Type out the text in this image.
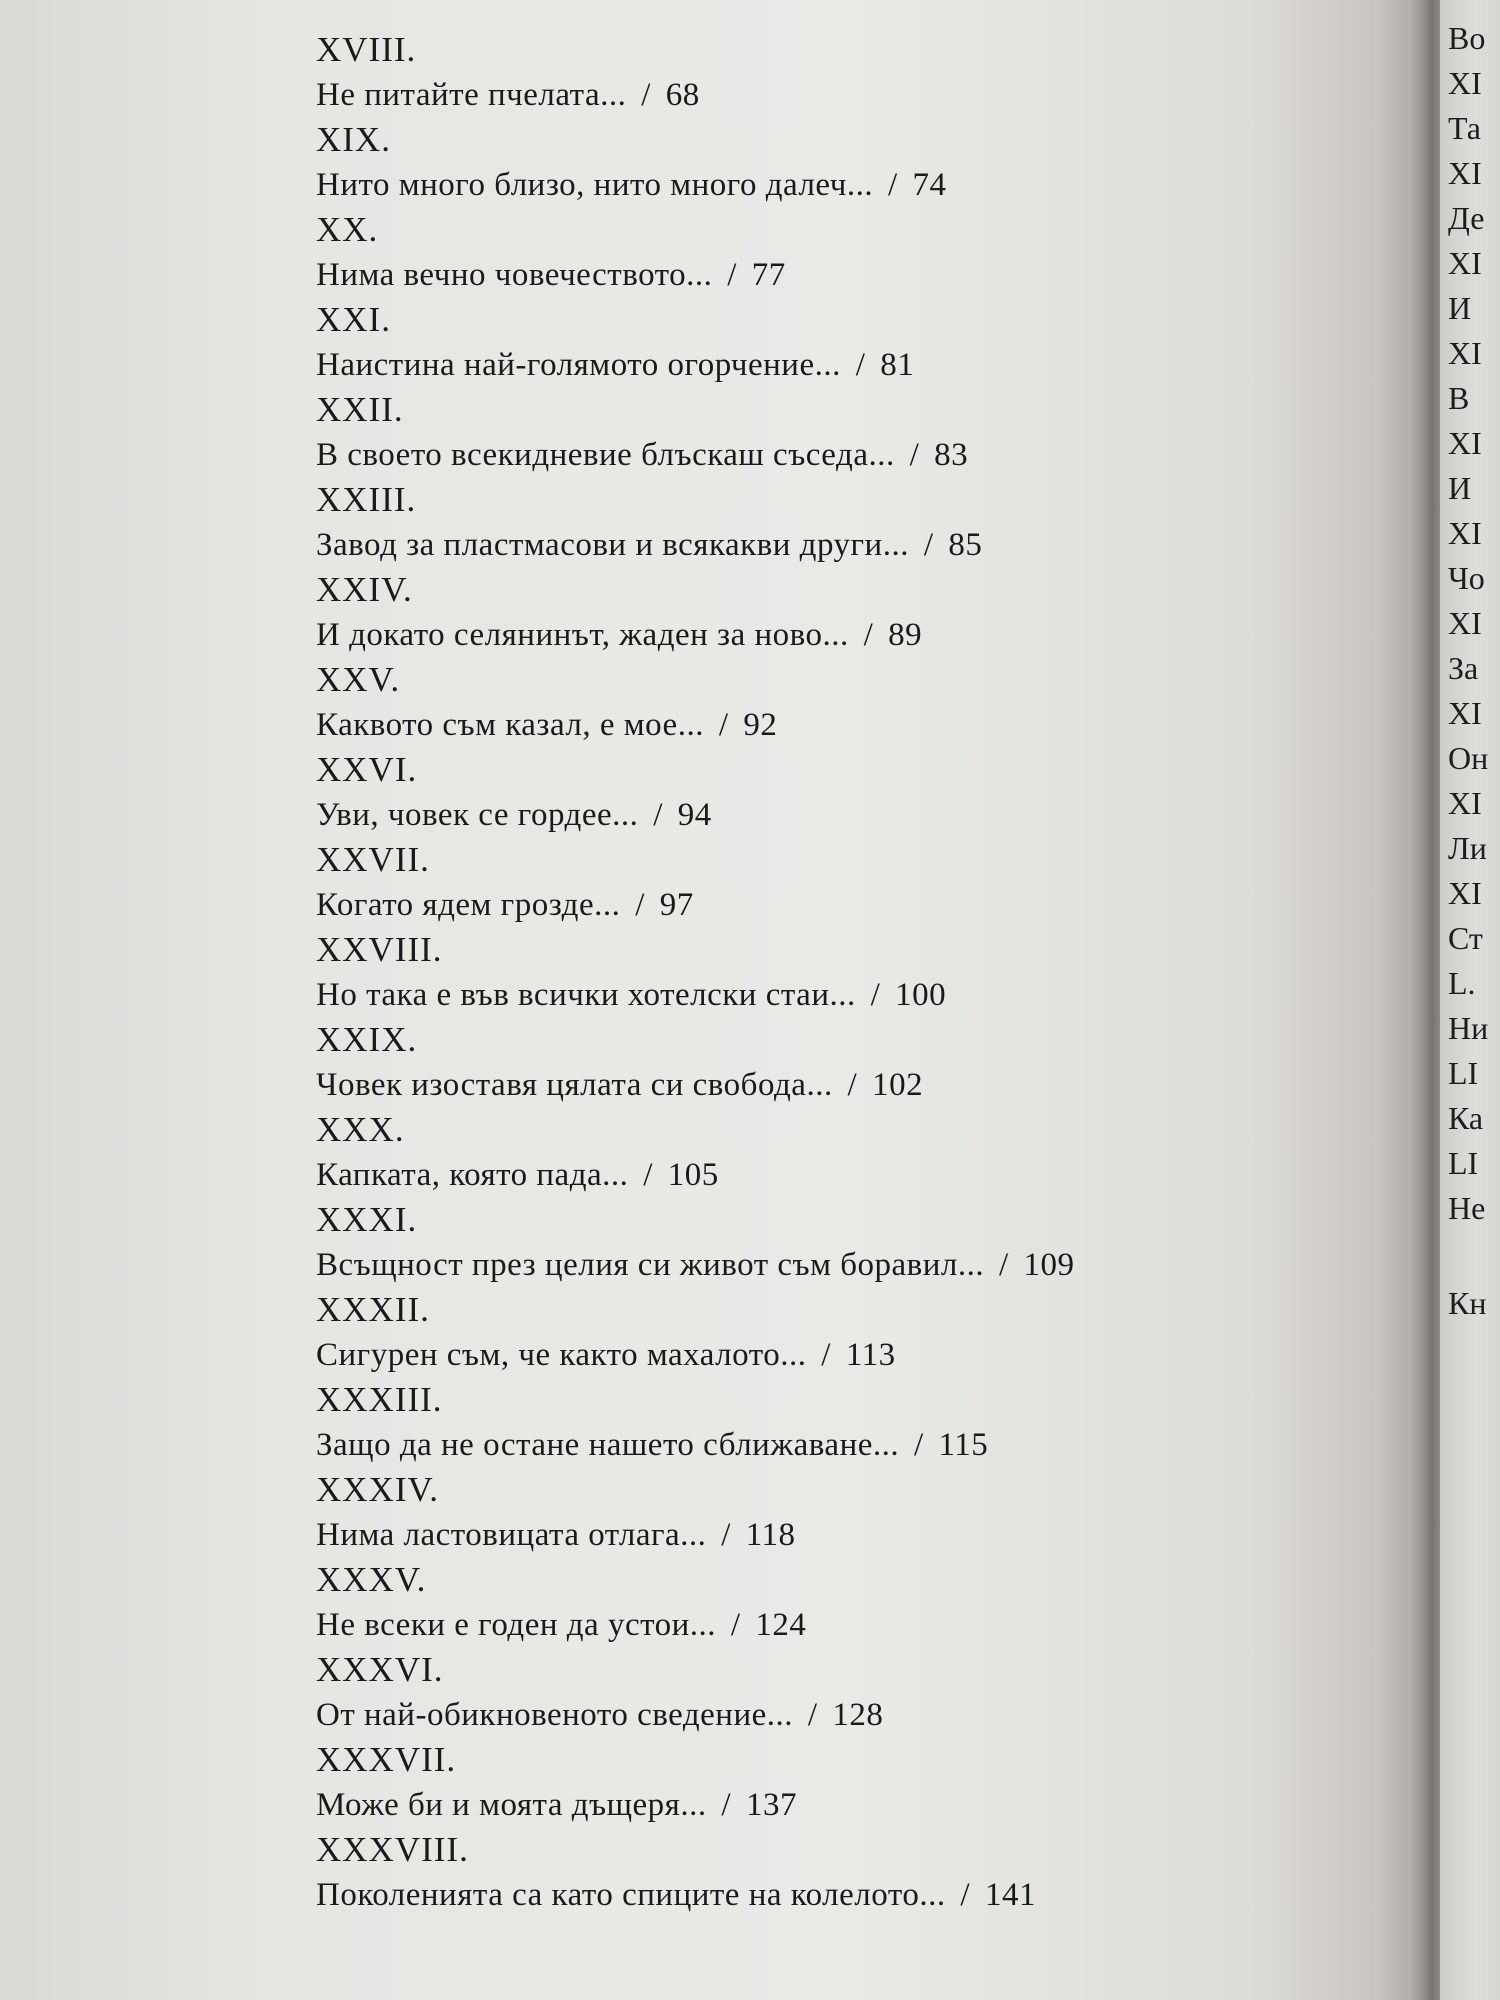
XVIII.
Не питайте пчелата... / 68
XIX.
Нито много близо, нито много далеч... / 74
XX.
Нима вечно човечеството... / 77
XXI.
Наистина най-голямото огорчение... / 81
XXII.
В своето всекидневие блъскаш съседа... / 83
XXIII.
Завод за пластмасови и всякакви други... / 85
XXIV.
И докато селянинът, жаден за ново... / 89
XXV.
Каквото съм казал, е мое... / 92
XXVI.
Уви, човек се гордее... / 94
XXVII.
Когато ядем грозде... / 97
XXVIII.
Но така е във всички хотелски стаи... / 100
XXIX.
Човек изоставя цялата си свобода... / 102
XXX.
Капката, която пада... / 105
XXXI.
Всъщност през целия си живот съм боравил... / 109
XXXII.
Сигурен съм, че както махалото... / 113
XXXIII.
Защо да не остане нашето сближаване... / 115
XXXIV.
Нима ластовицата отлага... / 118
XXXV.
Не всеки е годен да устои... / 124
XXXVI.
От най-обикновеното сведение... / 128
XXXVII.
Може би и моята дъщеря... / 137
XXXVIII.
Поколенията са като спиците на колелото... / 141
Во
XI
Та
XI
Де
XI
И
XI
В
XI
И
XI
Чо
XI
За
XI
Он
XI
Ли
XI
Ст
L.
Ни
LI
Ка
LI
Не
Кн
